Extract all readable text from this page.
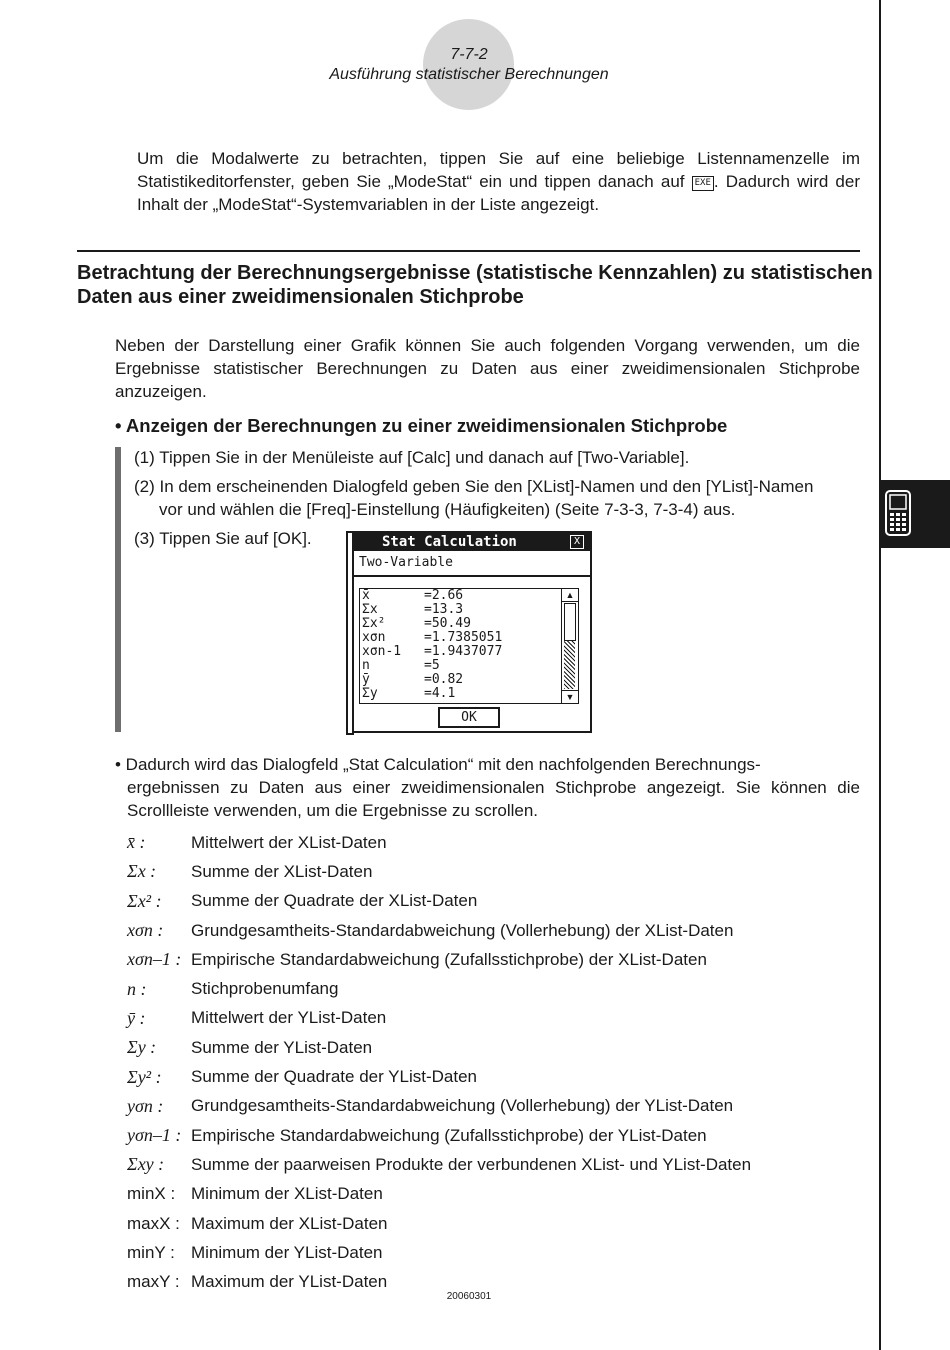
7-7-2
Ausführung statistischer Berechnungen

Um die Modalwerte zu betrachten, tippen Sie auf eine beliebige Listennamenzelle im Statistikeditorfenster, geben Sie „ModeStat“ ein und tippen danach auf EXE . Dadurch wird der Inhalt der „ModeStat“-Systemvariablen in der Liste angezeigt.

Betrachtung der Berechnungsergebnisse (statistische Kennzahlen) zu statistischen Daten aus einer zweidimensionalen Stichprobe

Neben der Darstellung einer Grafik können Sie auch folgenden Vorgang verwenden, um die Ergebnisse statistischer Berechnungen zu Daten aus einer zweidimensionalen Stichprobe anzuzeigen.

• Anzeigen der Berechnungen zu einer zweidimensionalen Stichprobe
(1) Tippen Sie in der Menüleiste auf [Calc] und danach auf [Two-Variable].
(2) In dem erscheinenden Dialogfeld geben Sie den [XList]-Namen und den [YList]-Namen
vor und wählen die [Freq]-Einstellung (Häufigkeiten) (Seite 7-3-3, 7-3-4) aus.
(3) Tippen Sie auf [OK].	Stat Calculation	X
Two-Variable
x̄	=2.66
Σx	=13.3
Σx²	=50.49
xσn	=1.7385051
xσn-1	=1.9437077
n	=5
ȳ	=0.82
Σy	=4.1
▲
▼
OK

• Dadurch wird das Dialogfeld „Stat Calculation“ mit den nachfolgenden Berechnungs-

ergebnissen zu Daten aus einer zweidimensionalen Stichprobe angezeigt. Sie können die Scrollleiste verwenden, um die Ergebnisse zu scrollen.

x̄ :	Mittelwert der XList-Daten
Σx :	Summe der XList-Daten
Σx² :	Summe der Quadrate der XList-Daten
xσn :	Grundgesamtheits-Standardabweichung (Vollerhebung) der XList-Daten
xσn–1 : Empirische Standardabweichung (Zufallsstichprobe) der XList-Daten
n :	Stichprobenumfang
ȳ :	Mittelwert der YList-Daten
Σy :	Summe der YList-Daten
Σy² :	Summe der Quadrate der YList-Daten
yσn :	Grundgesamtheits-Standardabweichung (Vollerhebung) der YList-Daten
yσn–1 : Empirische Standardabweichung (Zufallsstichprobe) der YList-Daten
Σxy :	Summe der paarweisen Produkte der verbundenen XList- und YList-Daten
minX : Minimum der XList-Daten
maxX : Maximum der XList-Daten
minY : Minimum der YList-Daten
maxY : Maximum der YList-Daten
20060301
